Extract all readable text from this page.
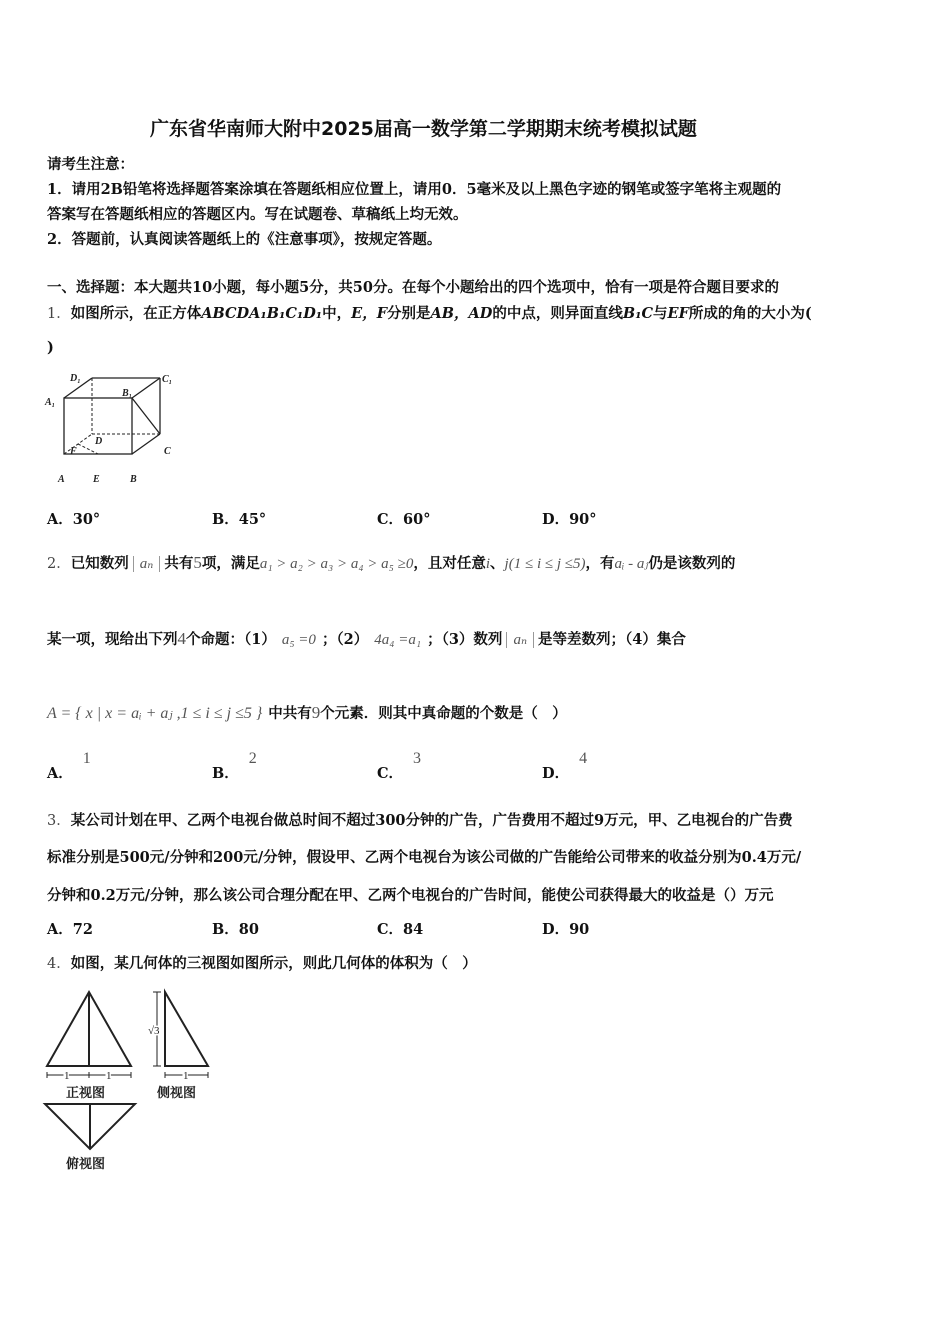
广东省华南师大附中2025届高一数学第二学期期末统考模拟试题
请考生注意：
1．请用2B铅笔将选择题答案涂填在答题纸相应位置上，请用0．5毫米及以上黑色字迹的钢笔或签字笔将主观题的
答案写在答题纸相应的答题区内。写在试题卷、草稿纸上均无效。
2．答题前，认真阅读答题纸上的《注意事项》，按规定答题。
一、选择题：本大题共10小题，每小题5分，共50分。在每个小题给出的四个选项中，恰有一项是符合题目要求的
1．如图所示，在正方体ABCDA₁B₁C₁D₁中，E，F分别是AB，AD的中点，则异面直线B₁C与EF所成的角的大小为(
)
D₁	C₁
A₁
B₁
D
C
F
A	E	B
A．30°	B．45°	C．60°	D．90°
2．已知数列 aₙ 共有5项，满足a₁ > a₂ > a₃ > a₄ > a₅ ≥0，且对任意i、j(1 ≤ i ≤ j ≤5)，有aᵢ - aⱼ仍是该数列的
某一项，现给出下列4个命题：（1） a₅ =0 ；（2） 4a₄ =a₁ ；（3）数列 aₙ 是等差数列；（4）集合
A = { x | x = aᵢ + aⱼ ,1 ≤ i ≤ j ≤5 } 中共有9个元素．则其中真命题的个数是（　）
A．1
B．2
C．3
D．4
3．某公司计划在甲、乙两个电视台做总时间不超过300分钟的广告，广告费用不超过9万元，甲、乙电视台的广告费
标准分别是500元/分钟和200元/分钟，假设甲、乙两个电视台为该公司做的广告能给公司带来的收益分别为0.4万元/
分钟和0.2万元/分钟，那么该公司合理分配在甲、乙两个电视台的广告时间，能使公司获得最大的收益是（）万元
A．72	B．80	C．84	D．90
4．如图，某几何体的三视图如图所示，则此几何体的体积为（　）
1	1	1
√3
正视图	侧视图
俯视图
